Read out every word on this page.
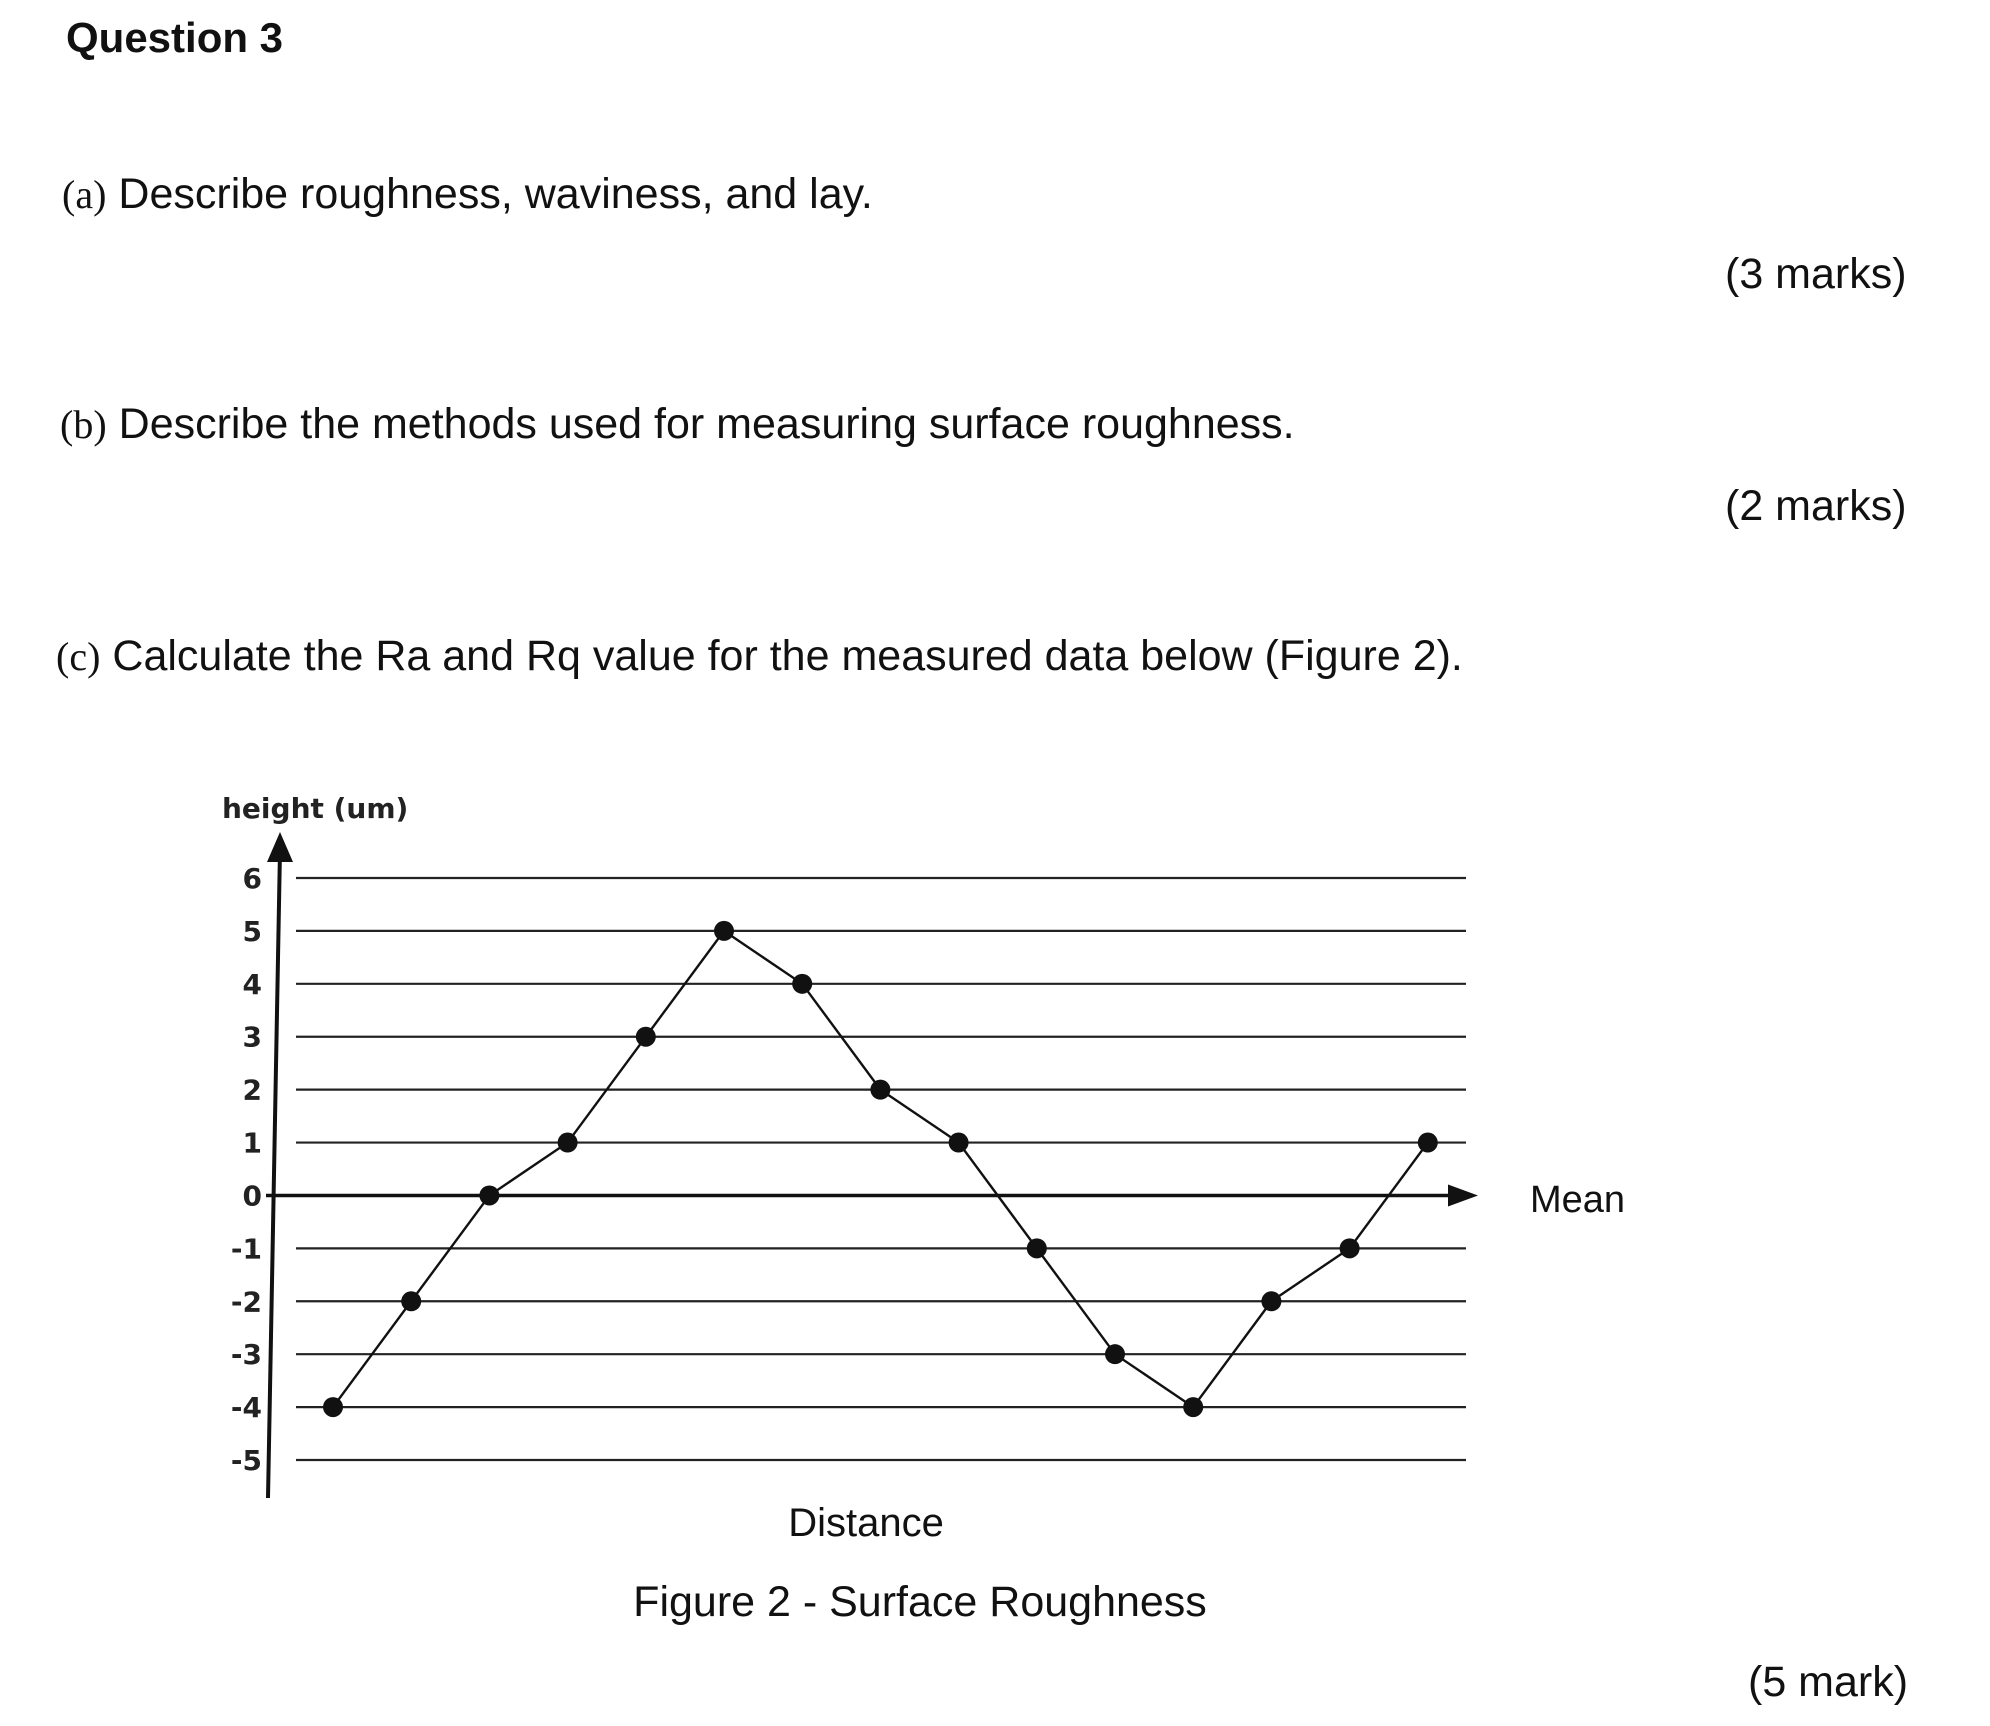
Question 3
(a) Describe roughness, waviness, and lay.
(3 marks)
(b) Describe the methods used for measuring surface roughness.
(2 marks)
(c) Calculate the Ra and Rq value for the measured data below (Figure 2).
6
5
4
3
2
1
0
-1
-2
-3
-4
-5
height (um)
Distance
Mean
Figure 2 - Surface Roughness
(5 mark)
